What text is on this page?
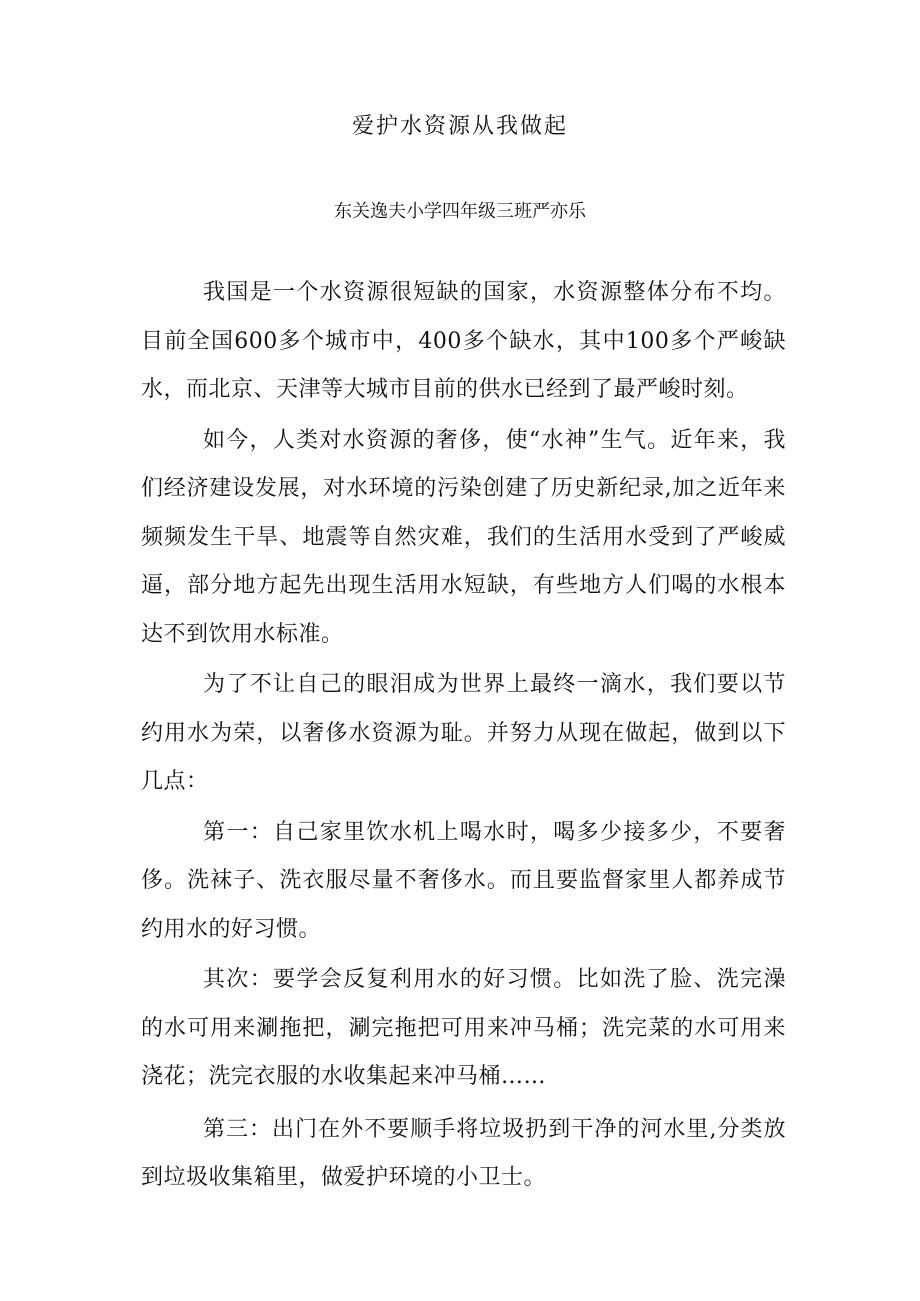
爱护水资源从我做起

东关逸夫小学四年级三班严亦乐

我国是一个水资源很短缺的国家，水资源整体分布不均。目前全国600多个城市中，400多个缺水，其中100多个严峻缺水，而北京、天津等大城市目前的供水已经到了最严峻时刻。

如今，人类对水资源的奢侈，使“水神”生气。近年来，我们经济建设发展，对水环境的污染创建了历史新纪录,加之近年来频频发生干旱、地震等自然灾难，我们的生活用水受到了严峻威逼，部分地方起先出现生活用水短缺，有些地方人们喝的水根本达不到饮用水标准。

为了不让自己的眼泪成为世界上最终一滴水，我们要以节约用水为荣，以奢侈水资源为耻。并努力从现在做起，做到以下几点：

第一：自己家里饮水机上喝水时，喝多少接多少，不要奢侈。洗袜子、洗衣服尽量不奢侈水。而且要监督家里人都养成节约用水的好习惯。

其次：要学会反复利用水的好习惯。比如洗了脸、洗完澡的水可用来涮拖把，涮完拖把可用来冲马桶；洗完菜的水可用来浇花；洗完衣服的水收集起来冲马桶……

第三：出门在外不要顺手将垃圾扔到干净的河水里,分类放到垃圾收集箱里，做爱护环境的小卫士。
